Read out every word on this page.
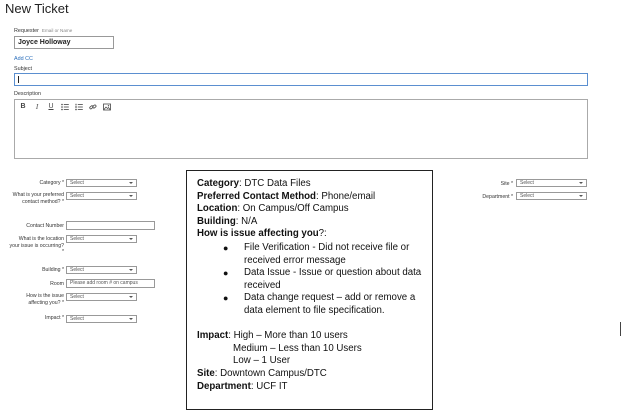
New Ticket
Requester Email or Name
Joyce Holloway
Add CC
Subject
Description
B	I	U
Category *
What is your preferred contact method? *
Contact Number
What is the location your issue is occurring? *
Building *
Room
How is the issue affecting you? *
Impact *
Select
Select
Select
Select
Please add room # on campus
Select
Select
Category: DTC Data Files
Preferred Contact Method: Phone/email
Location: On Campus/Off Campus
Building: N/A
How is issue affecting you?:
● File Verification - Did not receive file or received error message
● Data Issue - Issue or question about data received
● Data change request – add or remove a data element to file specification.
Impact: High – More than 10 users
Medium – Less than 10 Users
Low – 1 User
Site: Downtown Campus/DTC
Department: UCF IT
Site *
Department *
Select
Select
